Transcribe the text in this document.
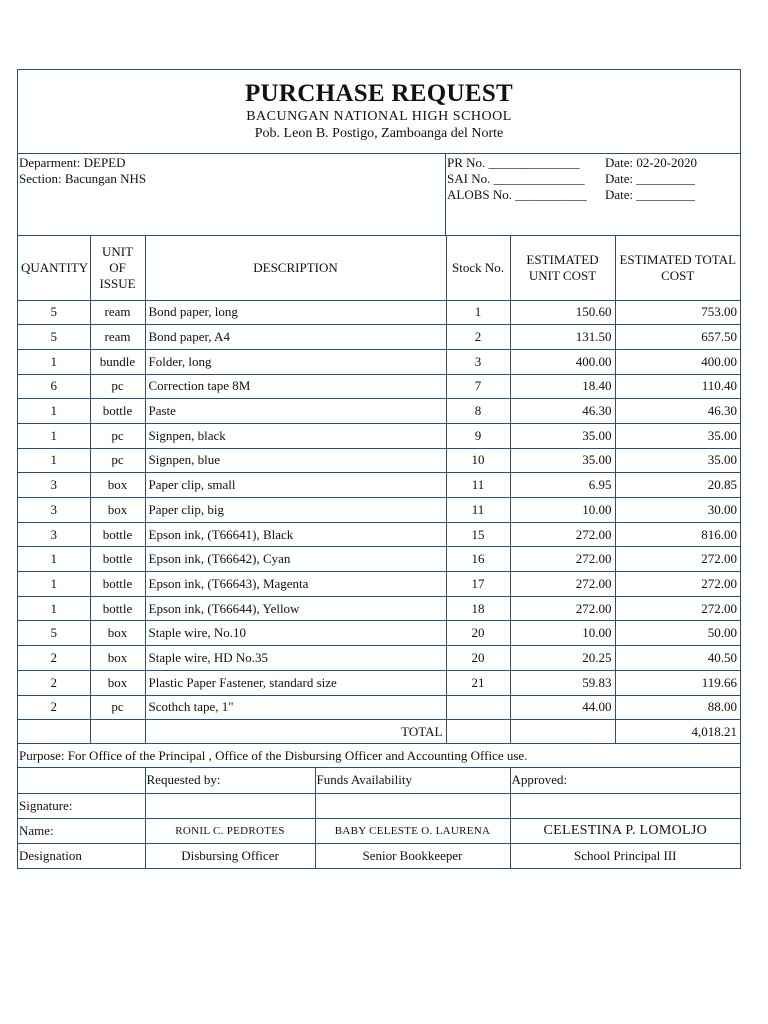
PURCHASE REQUEST
BACUNGAN NATIONAL HIGH SCHOOL
Pob. Leon B. Postigo, Zamboanga del Norte
Deparment: DEPED
Section: Bacungan NHS
PR No. ______________	Date: 02-20-2020
SAI No. ______________	Date: _________
ALOBS No. ___________	Date: _________
QUANTITY	UNIT OF ISSUE	DESCRIPTION	Stock No.	ESTIMATED UNIT COST	ESTIMATED TOTAL COST
5	ream	Bond paper, long	1	150.60	753.00
5	ream	Bond paper, A4	2	131.50	657.50
1	bundle	Folder, long	3	400.00	400.00
6	pc	Correction tape 8M	7	18.40	110.40
1	bottle	Paste	8	46.30	46.30
1	pc	Signpen, black	9	35.00	35.00
1	pc	Signpen, blue	10	35.00	35.00
3	box	Paper clip, small	11	6.95	20.85
3	box	Paper clip, big	11	10.00	30.00
3	bottle	Epson ink, (T66641), Black	15	272.00	816.00
1	bottle	Epson ink, (T66642), Cyan	16	272.00	272.00
1	bottle	Epson ink, (T66643), Magenta	17	272.00	272.00
1	bottle	Epson ink, (T66644), Yellow	18	272.00	272.00
5	box	Staple wire, No.10	20	10.00	50.00
2	box	Staple wire, HD No.35	20	20.25	40.50
2	box	Plastic Paper Fastener, standard size	21	59.83	119.66
2	pc	Scothch tape, 1"		44.00	88.00
		TOTAL			4,018.21
Purpose: For Office of the Principal , Office of the Disbursing Officer and Accounting Office use.
	Requested by:	Funds Availability	Approved:
Signature:			
Name:	RONIL C. PEDROTES	BABY CELESTE O. LAURENA	CELESTINA P. LOMOLJO
Designation	Disbursing Officer	Senior Bookkeeper	School Principal III
